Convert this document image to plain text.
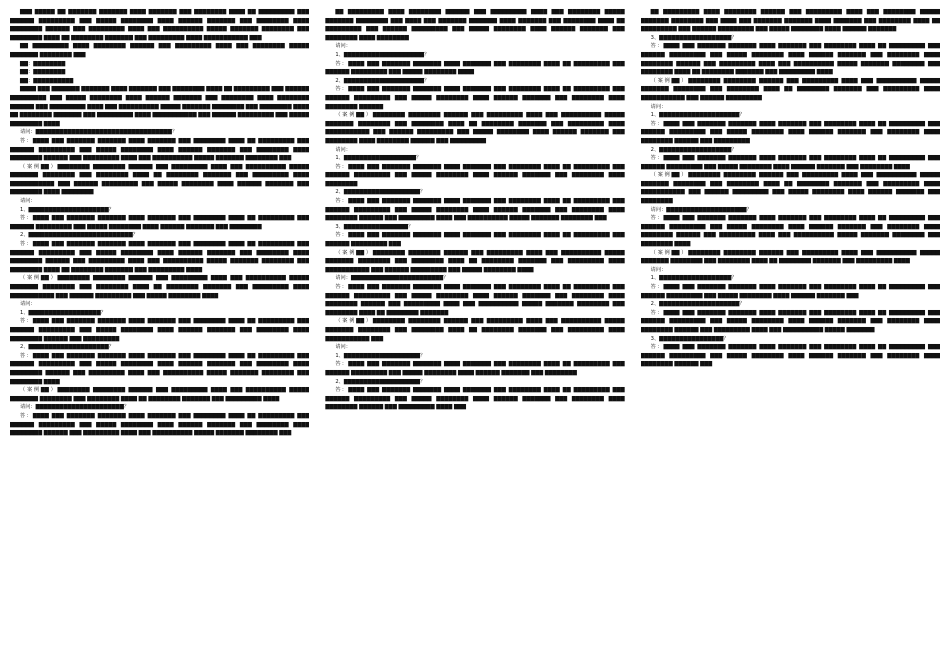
▇▇▇ ▇▇▇▇▇ ▇▇ ▇▇▇▇▇▇▇ ▇▇▇▇▇▇▇ ▇▇▇▇ ▇▇▇▇▇▇▇ ▇▇▇ ▇▇▇▇▇▇▇▇ ▇▇▇▇ ▇▇ ▇▇▇▇▇▇▇▇▇ ▇▇▇ ▇▇▇▇▇▇ ▇▇▇▇▇▇▇▇▇ ▇▇▇ ▇▇▇▇▇ ▇▇▇▇▇▇▇▇ ▇▇▇▇ ▇▇▇▇▇▇ ▇▇▇▇▇▇▇ ▇▇▇ ▇▇▇▇▇▇▇▇ ▇▇▇▇ ▇▇▇▇▇▇▇▇ ▇▇▇▇▇▇ ▇▇▇ ▇▇▇▇▇▇▇▇▇ ▇▇▇▇ ▇▇▇ ▇▇▇▇▇▇▇▇▇▇ ▇▇▇▇▇ ▇▇▇▇▇▇▇ ▇▇▇▇▇▇▇▇ ▇▇▇ ▇▇▇▇▇▇▇▇ ▇▇▇▇ ▇▇ ▇▇▇▇▇▇▇▇ ▇▇▇▇▇▇▇ ▇▇▇ ▇▇▇▇▇▇▇▇▇ ▇▇▇▇ ▇▇▇▇▇▇▇▇▇▇▇ ▇▇▇

▇▇ ▇▇▇▇▇▇▇▇▇ ▇▇▇▇ ▇▇▇▇▇▇▇▇ ▇▇▇▇▇▇ ▇▇▇ ▇▇▇▇▇▇▇▇▇ ▇▇▇▇ ▇▇▇ ▇▇▇▇▇▇▇▇ ▇▇▇▇▇ ▇▇▇▇▇▇▇ ▇▇▇▇▇▇▇▇ ▇▇▇

▇▇：▇▇▇▇▇▇▇▇

▇▇：▇▇▇▇▇▇▇▇

▇▇：▇▇▇▇▇▇▇▇▇▇

▇▇▇▇ ▇▇▇ ▇▇▇▇▇▇▇ ▇▇▇▇▇▇▇ ▇▇▇▇ ▇▇▇▇▇▇▇ ▇▇▇ ▇▇▇▇▇▇▇▇ ▇▇▇▇ ▇▇ ▇▇▇▇▇▇▇▇▇ ▇▇▇ ▇▇▇▇▇▇ ▇▇▇▇▇▇▇▇▇ ▇▇▇ ▇▇▇▇▇ ▇▇▇▇▇▇▇▇ ▇▇▇▇ ▇▇▇▇▇▇ ▇▇▇▇▇▇▇ ▇▇▇ ▇▇▇▇▇▇▇▇ ▇▇▇▇ ▇▇▇▇▇▇▇▇ ▇▇▇▇▇▇ ▇▇▇ ▇▇▇▇▇▇▇▇▇ ▇▇▇▇ ▇▇▇ ▇▇▇▇▇▇▇▇▇▇ ▇▇▇▇▇ ▇▇▇▇▇▇▇ ▇▇▇▇▇▇▇▇ ▇▇▇ ▇▇▇▇▇▇▇▇ ▇▇▇▇ ▇▇ ▇▇▇▇▇▇▇▇ ▇▇▇▇▇▇▇ ▇▇▇ ▇▇▇▇▇▇▇▇▇ ▇▇▇▇ ▇▇▇▇▇▇▇▇▇▇▇ ▇▇▇ ▇▇▇▇▇▇ ▇▇▇▇▇▇▇▇▇ ▇▇▇ ▇▇▇▇▇ ▇▇▇▇▇▇▇▇ ▇▇▇▇

请问：▇▇▇▇▇▇▇▇▇▇▇▇▇▇▇▇▇▇▇▇▇▇▇▇▇▇▇▇▇▇▇▇▇▇？

答：▇▇▇▇ ▇▇▇ ▇▇▇▇▇▇▇ ▇▇▇▇▇▇▇ ▇▇▇▇ ▇▇▇▇▇▇▇ ▇▇▇ ▇▇▇▇▇▇▇▇ ▇▇▇▇ ▇▇ ▇▇▇▇▇▇▇▇▇ ▇▇▇ ▇▇▇▇▇▇ ▇▇▇▇▇▇▇▇▇ ▇▇▇ ▇▇▇▇▇ ▇▇▇▇▇▇▇▇ ▇▇▇▇ ▇▇▇▇▇▇ ▇▇▇▇▇▇▇ ▇▇▇ ▇▇▇▇▇▇▇▇ ▇▇▇▇ ▇▇▇▇▇▇▇▇ ▇▇▇▇▇▇ ▇▇▇ ▇▇▇▇▇▇▇▇▇ ▇▇▇▇ ▇▇▇ ▇▇▇▇▇▇▇▇▇▇ ▇▇▇▇▇ ▇▇▇▇▇▇▇ ▇▇▇▇▇▇▇▇ ▇▇▇

（案例▇▇）▇▇▇▇▇▇▇▇ ▇▇▇▇▇▇▇▇ ▇▇▇▇▇▇ ▇▇▇ ▇▇▇▇▇▇▇▇▇ ▇▇▇▇ ▇▇▇ ▇▇▇▇▇▇▇▇▇▇ ▇▇▇▇▇ ▇▇▇▇▇▇▇ ▇▇▇▇▇▇▇▇ ▇▇▇ ▇▇▇▇▇▇▇▇ ▇▇▇▇ ▇▇ ▇▇▇▇▇▇▇▇ ▇▇▇▇▇▇▇ ▇▇▇ ▇▇▇▇▇▇▇▇▇ ▇▇▇▇ ▇▇▇▇▇▇▇▇▇▇▇ ▇▇▇ ▇▇▇▇▇▇ ▇▇▇▇▇▇▇▇▇ ▇▇▇ ▇▇▇▇▇ ▇▇▇▇▇▇▇▇ ▇▇▇▇ ▇▇▇▇▇▇ ▇▇▇▇▇▇▇ ▇▇▇ ▇▇▇▇▇▇▇▇ ▇▇▇▇ ▇▇▇▇▇▇▇▇

请问：

1、▇▇▇▇▇▇▇▇▇▇▇▇▇▇▇▇▇▇▇▇？

答：▇▇▇▇ ▇▇▇ ▇▇▇▇▇▇▇ ▇▇▇▇▇▇▇ ▇▇▇▇ ▇▇▇▇▇▇▇ ▇▇▇ ▇▇▇▇▇▇▇▇ ▇▇▇▇ ▇▇ ▇▇▇▇▇▇▇▇▇ ▇▇▇ ▇▇▇▇▇▇ ▇▇▇▇▇▇▇▇▇ ▇▇▇ ▇▇▇▇▇ ▇▇▇▇▇▇▇▇ ▇▇▇▇ ▇▇▇▇▇▇ ▇▇▇▇▇▇▇ ▇▇▇ ▇▇▇▇▇▇▇▇

2、▇▇▇▇▇▇▇▇▇▇▇▇▇▇▇▇▇▇▇▇▇▇▇▇▇▇？

答：▇▇▇▇ ▇▇▇ ▇▇▇▇▇▇▇ ▇▇▇▇▇▇▇ ▇▇▇▇ ▇▇▇▇▇▇▇ ▇▇▇ ▇▇▇▇▇▇▇▇ ▇▇▇▇ ▇▇ ▇▇▇▇▇▇▇▇▇ ▇▇▇ ▇▇▇▇▇▇ ▇▇▇▇▇▇▇▇▇ ▇▇▇ ▇▇▇▇▇ ▇▇▇▇▇▇▇▇ ▇▇▇▇ ▇▇▇▇▇▇ ▇▇▇▇▇▇▇ ▇▇▇ ▇▇▇▇▇▇▇▇ ▇▇▇▇ ▇▇▇▇▇▇▇▇ ▇▇▇▇▇▇ ▇▇▇ ▇▇▇▇▇▇▇▇▇ ▇▇▇▇ ▇▇▇ ▇▇▇▇▇▇▇▇▇▇ ▇▇▇▇▇ ▇▇▇▇▇▇▇ ▇▇▇▇▇▇▇▇ ▇▇▇ ▇▇▇▇▇▇▇▇ ▇▇▇▇ ▇▇ ▇▇▇▇▇▇▇▇ ▇▇▇▇▇▇▇ ▇▇▇ ▇▇▇▇▇▇▇▇▇ ▇▇▇▇

（案例▇▇）▇▇▇▇▇▇▇▇ ▇▇▇▇▇▇▇▇ ▇▇▇▇▇▇ ▇▇▇ ▇▇▇▇▇▇▇▇▇ ▇▇▇▇ ▇▇▇ ▇▇▇▇▇▇▇▇▇▇ ▇▇▇▇▇ ▇▇▇▇▇▇▇ ▇▇▇▇▇▇▇▇ ▇▇▇ ▇▇▇▇▇▇▇▇ ▇▇▇▇ ▇▇ ▇▇▇▇▇▇▇▇ ▇▇▇▇▇▇▇ ▇▇▇ ▇▇▇▇▇▇▇▇▇ ▇▇▇▇ ▇▇▇▇▇▇▇▇▇▇▇ ▇▇▇ ▇▇▇▇▇▇ ▇▇▇▇▇▇▇▇▇ ▇▇▇ ▇▇▇▇▇ ▇▇▇▇▇▇▇▇ ▇▇▇▇

请问：

1、▇▇▇▇▇▇▇▇▇▇▇▇▇▇▇▇▇▇？

答：▇▇▇▇ ▇▇▇ ▇▇▇▇▇▇▇ ▇▇▇▇▇▇▇ ▇▇▇▇ ▇▇▇▇▇▇▇ ▇▇▇ ▇▇▇▇▇▇▇▇ ▇▇▇▇ ▇▇ ▇▇▇▇▇▇▇▇▇ ▇▇▇ ▇▇▇▇▇▇ ▇▇▇▇▇▇▇▇▇ ▇▇▇ ▇▇▇▇▇ ▇▇▇▇▇▇▇▇ ▇▇▇▇ ▇▇▇▇▇▇ ▇▇▇▇▇▇▇ ▇▇▇ ▇▇▇▇▇▇▇▇ ▇▇▇▇ ▇▇▇▇▇▇▇▇ ▇▇▇▇▇▇ ▇▇▇ ▇▇▇▇▇▇▇▇▇

2、▇▇▇▇▇▇▇▇▇▇▇▇▇▇▇▇▇▇▇▇？

答：▇▇▇▇ ▇▇▇ ▇▇▇▇▇▇▇ ▇▇▇▇▇▇▇ ▇▇▇▇ ▇▇▇▇▇▇▇ ▇▇▇ ▇▇▇▇▇▇▇▇ ▇▇▇▇ ▇▇ ▇▇▇▇▇▇▇▇▇ ▇▇▇ ▇▇▇▇▇▇ ▇▇▇▇▇▇▇▇▇ ▇▇▇ ▇▇▇▇▇ ▇▇▇▇▇▇▇▇ ▇▇▇▇ ▇▇▇▇▇▇ ▇▇▇▇▇▇▇ ▇▇▇ ▇▇▇▇▇▇▇▇ ▇▇▇▇ ▇▇▇▇▇▇▇▇ ▇▇▇▇▇▇ ▇▇▇ ▇▇▇▇▇▇▇▇▇ ▇▇▇▇ ▇▇▇ ▇▇▇▇▇▇▇▇▇▇ ▇▇▇▇▇ ▇▇▇▇▇▇▇ ▇▇▇▇▇▇▇▇ ▇▇▇ ▇▇▇▇▇▇▇▇ ▇▇▇▇

（案例▇▇）▇▇▇▇▇▇▇▇ ▇▇▇▇▇▇▇▇ ▇▇▇▇▇▇ ▇▇▇ ▇▇▇▇▇▇▇▇▇ ▇▇▇▇ ▇▇▇ ▇▇▇▇▇▇▇▇▇▇ ▇▇▇▇▇ ▇▇▇▇▇▇▇ ▇▇▇▇▇▇▇▇ ▇▇▇ ▇▇▇▇▇▇▇▇ ▇▇▇▇ ▇▇ ▇▇▇▇▇▇▇▇ ▇▇▇▇▇▇▇ ▇▇▇ ▇▇▇▇▇▇▇▇▇ ▇▇▇▇

请问：▇▇▇▇▇▇▇▇▇▇▇▇▇▇▇▇▇▇▇▇▇▇？

答：▇▇▇▇ ▇▇▇ ▇▇▇▇▇▇▇ ▇▇▇▇▇▇▇ ▇▇▇▇ ▇▇▇▇▇▇▇ ▇▇▇ ▇▇▇▇▇▇▇▇ ▇▇▇▇ ▇▇ ▇▇▇▇▇▇▇▇▇ ▇▇▇ ▇▇▇▇▇▇ ▇▇▇▇▇▇▇▇▇ ▇▇▇ ▇▇▇▇▇ ▇▇▇▇▇▇▇▇ ▇▇▇▇ ▇▇▇▇▇▇ ▇▇▇▇▇▇▇ ▇▇▇ ▇▇▇▇▇▇▇▇ ▇▇▇▇ ▇▇▇▇▇▇▇▇ ▇▇▇▇▇▇ ▇▇▇ ▇▇▇▇▇▇▇▇▇ ▇▇▇▇ ▇▇▇ ▇▇▇▇▇▇▇▇▇▇ ▇▇▇▇▇ ▇▇▇▇▇▇▇ ▇▇▇▇▇▇▇▇ ▇▇▇

▇▇ ▇▇▇▇▇▇▇▇▇ ▇▇▇▇ ▇▇▇▇▇▇▇▇ ▇▇▇▇▇▇ ▇▇▇ ▇▇▇▇▇▇▇▇▇ ▇▇▇▇ ▇▇▇ ▇▇▇▇▇▇▇▇ ▇▇▇▇▇ ▇▇▇▇▇▇▇ ▇▇▇▇▇▇▇▇ ▇▇▇ ▇▇▇▇ ▇▇▇ ▇▇▇▇▇▇▇ ▇▇▇▇▇▇▇ ▇▇▇▇ ▇▇▇▇▇▇▇ ▇▇▇ ▇▇▇▇▇▇▇▇ ▇▇▇▇ ▇▇ ▇▇▇▇▇▇▇▇▇ ▇▇▇ ▇▇▇▇▇▇ ▇▇▇▇▇▇▇▇▇ ▇▇▇ ▇▇▇▇▇ ▇▇▇▇▇▇▇▇ ▇▇▇▇ ▇▇▇▇▇▇ ▇▇▇▇▇▇▇ ▇▇▇ ▇▇▇▇▇▇▇▇ ▇▇▇▇ ▇▇▇▇▇▇▇▇

请问：

1、▇▇▇▇▇▇▇▇▇▇▇▇▇▇▇▇▇▇▇▇？

答：▇▇▇▇ ▇▇▇ ▇▇▇▇▇▇▇ ▇▇▇▇▇▇▇ ▇▇▇▇ ▇▇▇▇▇▇▇ ▇▇▇ ▇▇▇▇▇▇▇▇ ▇▇▇▇ ▇▇ ▇▇▇▇▇▇▇▇▇ ▇▇▇ ▇▇▇▇▇▇ ▇▇▇▇▇▇▇▇▇ ▇▇▇ ▇▇▇▇▇ ▇▇▇▇▇▇▇▇ ▇▇▇▇

2、▇▇▇▇▇▇▇▇▇▇▇▇▇▇▇▇▇▇▇▇？

答：▇▇▇▇ ▇▇▇ ▇▇▇▇▇▇▇ ▇▇▇▇▇▇▇ ▇▇▇▇ ▇▇▇▇▇▇▇ ▇▇▇ ▇▇▇▇▇▇▇▇ ▇▇▇▇ ▇▇ ▇▇▇▇▇▇▇▇▇ ▇▇▇ ▇▇▇▇▇▇ ▇▇▇▇▇▇▇▇▇ ▇▇▇ ▇▇▇▇▇ ▇▇▇▇▇▇▇▇ ▇▇▇▇ ▇▇▇▇▇▇ ▇▇▇▇▇▇▇ ▇▇▇ ▇▇▇▇▇▇▇▇ ▇▇▇▇ ▇▇▇▇▇▇▇▇ ▇▇▇▇▇▇

（案例▇▇）▇▇▇▇▇▇▇▇ ▇▇▇▇▇▇▇▇ ▇▇▇▇▇▇ ▇▇▇ ▇▇▇▇▇▇▇▇▇ ▇▇▇▇ ▇▇▇ ▇▇▇▇▇▇▇▇▇▇ ▇▇▇▇▇ ▇▇▇▇▇▇▇ ▇▇▇▇▇▇▇▇ ▇▇▇ ▇▇▇▇▇▇▇▇ ▇▇▇▇ ▇▇ ▇▇▇▇▇▇▇▇ ▇▇▇▇▇▇▇ ▇▇▇ ▇▇▇▇▇▇▇▇▇ ▇▇▇▇ ▇▇▇▇▇▇▇▇▇▇▇ ▇▇▇ ▇▇▇▇▇▇ ▇▇▇▇▇▇▇▇▇ ▇▇▇ ▇▇▇▇▇ ▇▇▇▇▇▇▇▇ ▇▇▇▇ ▇▇▇▇▇▇ ▇▇▇▇▇▇▇ ▇▇▇ ▇▇▇▇▇▇▇▇ ▇▇▇▇ ▇▇▇▇▇▇▇▇ ▇▇▇▇▇▇ ▇▇▇ ▇▇▇▇▇▇▇▇▇

请问：

1、▇▇▇▇▇▇▇▇▇▇▇▇▇▇▇▇▇▇？

答：▇▇▇▇ ▇▇▇ ▇▇▇▇▇▇▇ ▇▇▇▇▇▇▇ ▇▇▇▇ ▇▇▇▇▇▇▇ ▇▇▇ ▇▇▇▇▇▇▇▇ ▇▇▇▇ ▇▇ ▇▇▇▇▇▇▇▇▇ ▇▇▇ ▇▇▇▇▇▇ ▇▇▇▇▇▇▇▇▇ ▇▇▇ ▇▇▇▇▇ ▇▇▇▇▇▇▇▇ ▇▇▇▇ ▇▇▇▇▇▇ ▇▇▇▇▇▇▇ ▇▇▇ ▇▇▇▇▇▇▇▇ ▇▇▇▇ ▇▇▇▇▇▇▇▇

2、▇▇▇▇▇▇▇▇▇▇▇▇▇▇▇▇▇▇▇？

答：▇▇▇▇ ▇▇▇ ▇▇▇▇▇▇▇ ▇▇▇▇▇▇▇ ▇▇▇▇ ▇▇▇▇▇▇▇ ▇▇▇ ▇▇▇▇▇▇▇▇ ▇▇▇▇ ▇▇ ▇▇▇▇▇▇▇▇▇ ▇▇▇ ▇▇▇▇▇▇ ▇▇▇▇▇▇▇▇▇ ▇▇▇ ▇▇▇▇▇ ▇▇▇▇▇▇▇▇ ▇▇▇▇ ▇▇▇▇▇▇ ▇▇▇▇▇▇▇ ▇▇▇ ▇▇▇▇▇▇▇▇ ▇▇▇▇ ▇▇▇▇▇▇▇▇ ▇▇▇▇▇▇ ▇▇▇ ▇▇▇▇▇▇▇▇▇ ▇▇▇▇ ▇▇▇ ▇▇▇▇▇▇▇▇▇▇ ▇▇▇▇▇ ▇▇▇▇▇▇▇ ▇▇▇▇▇▇▇▇ ▇▇▇

3、▇▇▇▇▇▇▇▇▇▇▇▇▇▇▇▇？

答：▇▇▇▇ ▇▇▇ ▇▇▇▇▇▇▇ ▇▇▇▇▇▇▇ ▇▇▇▇ ▇▇▇▇▇▇▇ ▇▇▇ ▇▇▇▇▇▇▇▇ ▇▇▇▇ ▇▇ ▇▇▇▇▇▇▇▇▇ ▇▇▇ ▇▇▇▇▇▇ ▇▇▇▇▇▇▇▇▇ ▇▇▇

（案例▇▇）▇▇▇▇▇▇▇▇ ▇▇▇▇▇▇▇▇ ▇▇▇▇▇▇ ▇▇▇ ▇▇▇▇▇▇▇▇▇ ▇▇▇▇ ▇▇▇ ▇▇▇▇▇▇▇▇▇▇ ▇▇▇▇▇ ▇▇▇▇▇▇▇ ▇▇▇▇▇▇▇▇ ▇▇▇ ▇▇▇▇▇▇▇▇ ▇▇▇▇ ▇▇ ▇▇▇▇▇▇▇▇ ▇▇▇▇▇▇▇ ▇▇▇ ▇▇▇▇▇▇▇▇▇ ▇▇▇▇ ▇▇▇▇▇▇▇▇▇▇▇ ▇▇▇ ▇▇▇▇▇▇ ▇▇▇▇▇▇▇▇▇ ▇▇▇ ▇▇▇▇▇ ▇▇▇▇▇▇▇▇ ▇▇▇▇

请问：▇▇▇▇▇▇▇▇▇▇▇▇▇▇▇▇▇▇▇▇▇▇▇？

答：▇▇▇▇ ▇▇▇ ▇▇▇▇▇▇▇ ▇▇▇▇▇▇▇ ▇▇▇▇ ▇▇▇▇▇▇▇ ▇▇▇ ▇▇▇▇▇▇▇▇ ▇▇▇▇ ▇▇ ▇▇▇▇▇▇▇▇▇ ▇▇▇ ▇▇▇▇▇▇ ▇▇▇▇▇▇▇▇▇ ▇▇▇ ▇▇▇▇▇ ▇▇▇▇▇▇▇▇ ▇▇▇▇ ▇▇▇▇▇▇ ▇▇▇▇▇▇▇ ▇▇▇ ▇▇▇▇▇▇▇▇ ▇▇▇▇ ▇▇▇▇▇▇▇▇ ▇▇▇▇▇▇ ▇▇▇ ▇▇▇▇▇▇▇▇▇ ▇▇▇▇ ▇▇▇ ▇▇▇▇▇▇▇▇▇▇ ▇▇▇▇▇ ▇▇▇▇▇▇▇ ▇▇▇▇▇▇▇▇ ▇▇▇ ▇▇▇▇▇▇▇▇ ▇▇▇▇ ▇▇ ▇▇▇▇▇▇▇▇ ▇▇▇▇▇▇▇

（案例▇▇）▇▇▇▇▇▇▇▇ ▇▇▇▇▇▇▇▇ ▇▇▇▇▇▇ ▇▇▇ ▇▇▇▇▇▇▇▇▇ ▇▇▇▇ ▇▇▇ ▇▇▇▇▇▇▇▇▇▇ ▇▇▇▇▇ ▇▇▇▇▇▇▇ ▇▇▇▇▇▇▇▇ ▇▇▇ ▇▇▇▇▇▇▇▇ ▇▇▇▇ ▇▇ ▇▇▇▇▇▇▇▇ ▇▇▇▇▇▇▇ ▇▇▇ ▇▇▇▇▇▇▇▇▇ ▇▇▇▇ ▇▇▇▇▇▇▇▇▇▇▇ ▇▇▇

请问：

1、▇▇▇▇▇▇▇▇▇▇▇▇▇▇▇▇▇▇▇？

答：▇▇▇▇ ▇▇▇ ▇▇▇▇▇▇▇ ▇▇▇▇▇▇▇ ▇▇▇▇ ▇▇▇▇▇▇▇ ▇▇▇ ▇▇▇▇▇▇▇▇ ▇▇▇▇ ▇▇ ▇▇▇▇▇▇▇▇▇ ▇▇▇ ▇▇▇▇▇▇ ▇▇▇▇▇▇▇▇▇ ▇▇▇ ▇▇▇▇▇ ▇▇▇▇▇▇▇▇ ▇▇▇▇ ▇▇▇▇▇▇ ▇▇▇▇▇▇▇ ▇▇▇ ▇▇▇▇▇▇▇▇

2、▇▇▇▇▇▇▇▇▇▇▇▇▇▇▇▇▇▇▇？

答：▇▇▇▇ ▇▇▇ ▇▇▇▇▇▇▇ ▇▇▇▇▇▇▇ ▇▇▇▇ ▇▇▇▇▇▇▇ ▇▇▇ ▇▇▇▇▇▇▇▇ ▇▇▇▇ ▇▇ ▇▇▇▇▇▇▇▇▇ ▇▇▇ ▇▇▇▇▇▇ ▇▇▇▇▇▇▇▇▇ ▇▇▇ ▇▇▇▇▇ ▇▇▇▇▇▇▇▇ ▇▇▇▇ ▇▇▇▇▇▇ ▇▇▇▇▇▇▇ ▇▇▇ ▇▇▇▇▇▇▇▇ ▇▇▇▇ ▇▇▇▇▇▇▇▇ ▇▇▇▇▇▇ ▇▇▇ ▇▇▇▇▇▇▇▇▇ ▇▇▇▇ ▇▇▇

▇▇ ▇▇▇▇▇▇▇▇▇ ▇▇▇▇ ▇▇▇▇▇▇▇▇ ▇▇▇▇▇▇ ▇▇▇ ▇▇▇▇▇▇▇▇▇ ▇▇▇▇ ▇▇▇ ▇▇▇▇▇▇▇▇ ▇▇▇▇▇ ▇▇▇▇▇▇▇ ▇▇▇▇▇▇▇▇ ▇▇▇ ▇▇▇▇ ▇▇▇ ▇▇▇▇▇▇▇ ▇▇▇▇▇▇▇ ▇▇▇▇ ▇▇▇▇▇▇▇ ▇▇▇ ▇▇▇▇▇▇▇▇ ▇▇▇▇ ▇▇ ▇▇▇▇▇▇▇▇▇ ▇▇▇ ▇▇▇▇▇▇ ▇▇▇▇▇▇▇▇▇ ▇▇▇ ▇▇▇▇▇ ▇▇▇▇▇▇▇▇ ▇▇▇▇ ▇▇▇▇▇▇ ▇▇▇▇▇▇▇

3、▇▇▇▇▇▇▇▇▇▇▇▇▇▇▇▇▇▇？

答：▇▇▇▇ ▇▇▇ ▇▇▇▇▇▇▇ ▇▇▇▇▇▇▇ ▇▇▇▇ ▇▇▇▇▇▇▇ ▇▇▇ ▇▇▇▇▇▇▇▇ ▇▇▇▇ ▇▇ ▇▇▇▇▇▇▇▇▇ ▇▇▇ ▇▇▇▇▇▇ ▇▇▇▇▇▇▇▇▇ ▇▇▇ ▇▇▇▇▇ ▇▇▇▇▇▇▇▇ ▇▇▇▇ ▇▇▇▇▇▇ ▇▇▇▇▇▇▇ ▇▇▇ ▇▇▇▇▇▇▇▇ ▇▇▇▇ ▇▇▇▇▇▇▇▇ ▇▇▇▇▇▇ ▇▇▇ ▇▇▇▇▇▇▇▇▇ ▇▇▇▇ ▇▇▇ ▇▇▇▇▇▇▇▇▇▇ ▇▇▇▇▇ ▇▇▇▇▇▇▇ ▇▇▇▇▇▇▇▇ ▇▇▇ ▇▇▇▇▇▇▇▇ ▇▇▇▇ ▇▇ ▇▇▇▇▇▇▇▇ ▇▇▇▇▇▇▇ ▇▇▇ ▇▇▇▇▇▇▇▇▇ ▇▇▇▇

（案例▇▇）▇▇▇▇▇▇▇▇ ▇▇▇▇▇▇▇▇ ▇▇▇▇▇▇ ▇▇▇ ▇▇▇▇▇▇▇▇▇ ▇▇▇▇ ▇▇▇ ▇▇▇▇▇▇▇▇▇▇ ▇▇▇▇▇ ▇▇▇▇▇▇▇ ▇▇▇▇▇▇▇▇ ▇▇▇ ▇▇▇▇▇▇▇▇ ▇▇▇▇ ▇▇ ▇▇▇▇▇▇▇▇ ▇▇▇▇▇▇▇ ▇▇▇ ▇▇▇▇▇▇▇▇▇ ▇▇▇▇ ▇▇▇▇▇▇▇▇▇▇▇ ▇▇▇ ▇▇▇▇▇▇ ▇▇▇▇▇▇▇▇▇

请问：

1、▇▇▇▇▇▇▇▇▇▇▇▇▇▇▇▇▇▇▇▇？

答：▇▇▇▇ ▇▇▇ ▇▇▇▇▇▇▇ ▇▇▇▇▇▇▇ ▇▇▇▇ ▇▇▇▇▇▇▇ ▇▇▇ ▇▇▇▇▇▇▇▇ ▇▇▇▇ ▇▇ ▇▇▇▇▇▇▇▇▇ ▇▇▇ ▇▇▇▇▇▇ ▇▇▇▇▇▇▇▇▇ ▇▇▇ ▇▇▇▇▇ ▇▇▇▇▇▇▇▇ ▇▇▇▇ ▇▇▇▇▇▇ ▇▇▇▇▇▇▇ ▇▇▇ ▇▇▇▇▇▇▇▇ ▇▇▇▇ ▇▇▇▇▇▇▇▇ ▇▇▇▇▇▇ ▇▇▇ ▇▇▇▇▇▇▇▇▇

2、▇▇▇▇▇▇▇▇▇▇▇▇▇▇▇▇▇▇？

答：▇▇▇▇ ▇▇▇ ▇▇▇▇▇▇▇ ▇▇▇▇▇▇▇ ▇▇▇▇ ▇▇▇▇▇▇▇ ▇▇▇ ▇▇▇▇▇▇▇▇ ▇▇▇▇ ▇▇ ▇▇▇▇▇▇▇▇▇ ▇▇▇ ▇▇▇▇▇▇ ▇▇▇▇▇▇▇▇▇ ▇▇▇ ▇▇▇▇▇ ▇▇▇▇▇▇▇▇ ▇▇▇▇ ▇▇▇▇▇▇ ▇▇▇▇▇▇▇ ▇▇▇ ▇▇▇▇▇▇▇▇ ▇▇▇▇

（案例▇▇）▇▇▇▇▇▇▇▇ ▇▇▇▇▇▇▇▇ ▇▇▇▇▇▇ ▇▇▇ ▇▇▇▇▇▇▇▇▇ ▇▇▇▇ ▇▇▇ ▇▇▇▇▇▇▇▇▇▇ ▇▇▇▇▇ ▇▇▇▇▇▇▇ ▇▇▇▇▇▇▇▇ ▇▇▇ ▇▇▇▇▇▇▇▇ ▇▇▇▇ ▇▇ ▇▇▇▇▇▇▇▇ ▇▇▇▇▇▇▇ ▇▇▇ ▇▇▇▇▇▇▇▇▇ ▇▇▇▇ ▇▇▇▇▇▇▇▇▇▇▇ ▇▇▇ ▇▇▇▇▇▇ ▇▇▇▇▇▇▇▇▇ ▇▇▇ ▇▇▇▇▇ ▇▇▇▇▇▇▇▇ ▇▇▇▇ ▇▇▇▇▇▇ ▇▇▇▇▇▇▇ ▇▇▇ ▇▇▇▇▇▇▇▇

请问：▇▇▇▇▇▇▇▇▇▇▇▇▇▇▇▇▇▇▇▇？

答：▇▇▇▇ ▇▇▇ ▇▇▇▇▇▇▇ ▇▇▇▇▇▇▇ ▇▇▇▇ ▇▇▇▇▇▇▇ ▇▇▇ ▇▇▇▇▇▇▇▇ ▇▇▇▇ ▇▇ ▇▇▇▇▇▇▇▇▇ ▇▇▇ ▇▇▇▇▇▇ ▇▇▇▇▇▇▇▇▇ ▇▇▇ ▇▇▇▇▇ ▇▇▇▇▇▇▇▇ ▇▇▇▇ ▇▇▇▇▇▇ ▇▇▇▇▇▇▇ ▇▇▇ ▇▇▇▇▇▇▇▇ ▇▇▇▇ ▇▇▇▇▇▇▇▇ ▇▇▇▇▇▇ ▇▇▇ ▇▇▇▇▇▇▇▇▇ ▇▇▇▇ ▇▇▇ ▇▇▇▇▇▇▇▇▇▇ ▇▇▇▇▇ ▇▇▇▇▇▇▇ ▇▇▇▇▇▇▇▇ ▇▇▇ ▇▇▇▇▇▇▇▇ ▇▇▇▇

（案例▇▇）▇▇▇▇▇▇▇▇ ▇▇▇▇▇▇▇▇ ▇▇▇▇▇▇ ▇▇▇ ▇▇▇▇▇▇▇▇▇ ▇▇▇▇ ▇▇▇ ▇▇▇▇▇▇▇▇▇▇ ▇▇▇▇▇ ▇▇▇▇▇▇▇ ▇▇▇▇▇▇▇▇ ▇▇▇ ▇▇▇▇▇▇▇▇ ▇▇▇▇ ▇▇ ▇▇▇▇▇▇▇▇ ▇▇▇▇▇▇▇ ▇▇▇ ▇▇▇▇▇▇▇▇▇ ▇▇▇▇

请问：

1、▇▇▇▇▇▇▇▇▇▇▇▇▇▇▇▇▇▇？

答：▇▇▇▇ ▇▇▇ ▇▇▇▇▇▇▇ ▇▇▇▇▇▇▇ ▇▇▇▇ ▇▇▇▇▇▇▇ ▇▇▇ ▇▇▇▇▇▇▇▇ ▇▇▇▇ ▇▇ ▇▇▇▇▇▇▇▇▇ ▇▇▇ ▇▇▇▇▇▇ ▇▇▇▇▇▇▇▇▇ ▇▇▇ ▇▇▇▇▇ ▇▇▇▇▇▇▇▇ ▇▇▇▇ ▇▇▇▇▇▇ ▇▇▇▇▇▇▇ ▇▇▇

2、▇▇▇▇▇▇▇▇▇▇▇▇▇▇▇▇▇▇▇▇？

答：▇▇▇▇ ▇▇▇ ▇▇▇▇▇▇▇ ▇▇▇▇▇▇▇ ▇▇▇▇ ▇▇▇▇▇▇▇ ▇▇▇ ▇▇▇▇▇▇▇▇ ▇▇▇▇ ▇▇ ▇▇▇▇▇▇▇▇▇ ▇▇▇ ▇▇▇▇▇▇ ▇▇▇▇▇▇▇▇▇ ▇▇▇ ▇▇▇▇▇ ▇▇▇▇▇▇▇▇ ▇▇▇▇ ▇▇▇▇▇▇ ▇▇▇▇▇▇▇ ▇▇▇ ▇▇▇▇▇▇▇▇ ▇▇▇▇ ▇▇▇▇▇▇▇▇ ▇▇▇▇▇▇ ▇▇▇ ▇▇▇▇▇▇▇▇▇ ▇▇▇▇ ▇▇▇ ▇▇▇▇▇▇▇▇▇▇ ▇▇▇▇▇ ▇▇▇▇▇▇▇

3、▇▇▇▇▇▇▇▇▇▇▇▇▇▇▇▇？

答：▇▇▇▇ ▇▇▇ ▇▇▇▇▇▇▇ ▇▇▇▇▇▇▇ ▇▇▇▇ ▇▇▇▇▇▇▇ ▇▇▇ ▇▇▇▇▇▇▇▇ ▇▇▇▇ ▇▇ ▇▇▇▇▇▇▇▇▇ ▇▇▇ ▇▇▇▇▇▇ ▇▇▇▇▇▇▇▇▇ ▇▇▇ ▇▇▇▇▇ ▇▇▇▇▇▇▇▇ ▇▇▇▇ ▇▇▇▇▇▇ ▇▇▇▇▇▇▇ ▇▇▇ ▇▇▇▇▇▇▇▇ ▇▇▇▇ ▇▇▇▇▇▇▇▇ ▇▇▇▇▇▇ ▇▇▇
